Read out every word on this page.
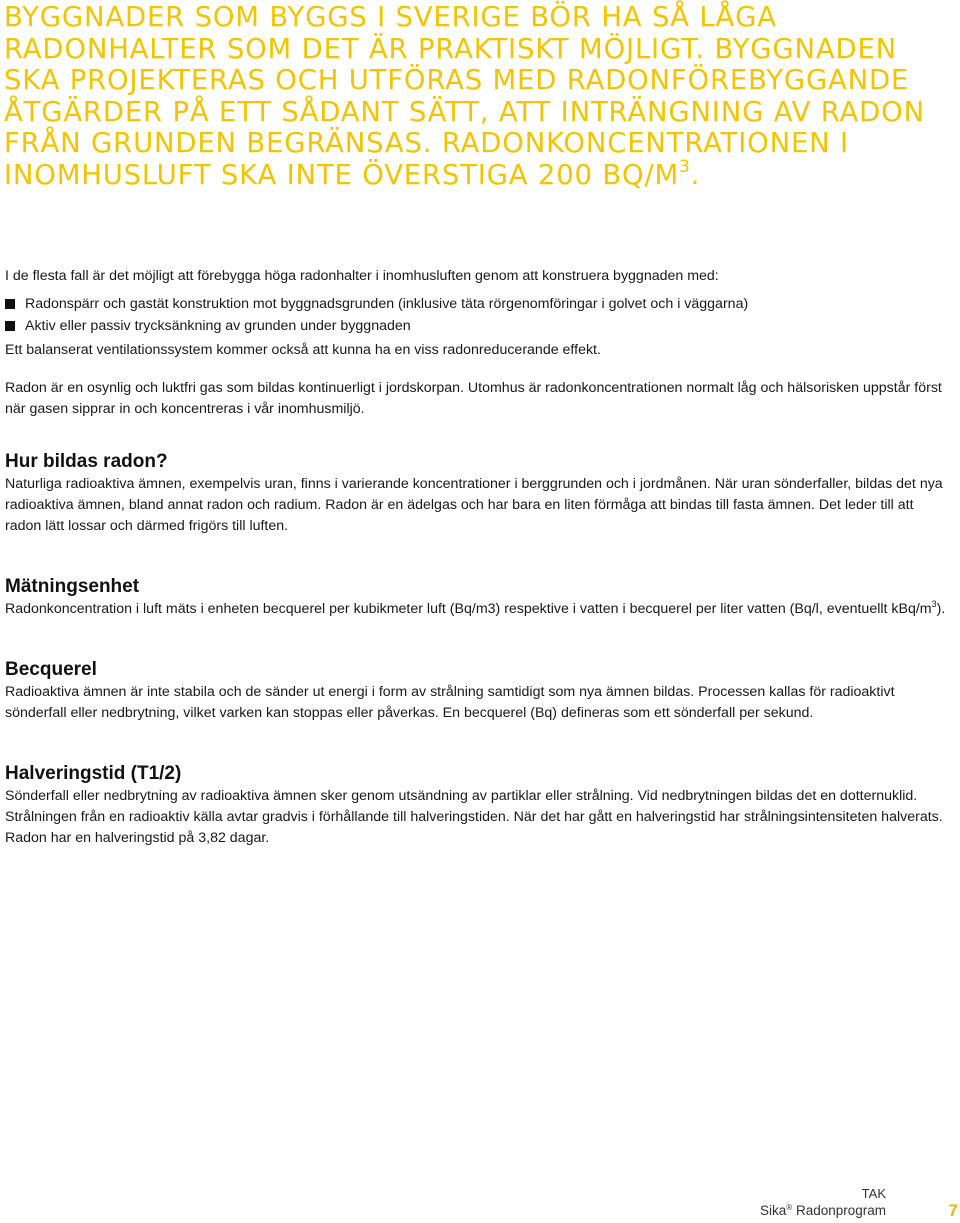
BYGGNADER SOM BYGGS I SVERIGE BÖR HA SÅ LÅGA RADONHALTER SOM DET ÄR PRAKTISKT MÖJLIGT. BYGGNADEN SKA PROJEKTERAS OCH UTFÖRAS MED RADONFÖREBYGGANDE ÅTGÄRDER PÅ ETT SÅDANT SÄTT, ATT INTRÄNGNING AV RADON FRÅN GRUNDEN BEGRÄNSAS. RADONKONCENTRATIONEN I INOMHUSLUFT SKA INTE ÖVERSTIGA 200 $BQ/M^3$.

I de flesta fall är det möjligt att förebygga höga radonhalter i inomhusluften genom att konstruera byggnaden med:

Radonspärr och gastät konstruktion mot byggnadsgrunden (inklusive täta rörgenomföringar i golvet och i väggarna)
Aktiv eller passiv trycksänkning av grunden under byggnaden

Ett balanserat ventilationssystem kommer också att kunna ha en viss radonreducerande effekt.

Radon är en osynlig och luktfri gas som bildas kontinuerligt i jordskorpan. Utomhus är radonkoncentrationen normalt låg och hälsorisken uppstår först när gasen sipprar in och koncentreras i vår inomhusmiljö.

Hur bildas radon?

Naturliga radioaktiva ämnen, exempelvis uran, finns i varierande koncentrationer i berggrunden och i jordmånen. När uran sönderfaller, bildas det nya radioaktiva ämnen, bland annat radon och radium. Radon är en ädelgas och har bara en liten förmåga att bindas till fasta ämnen. Det leder till att radon lätt lossar och därmed frigörs till luften.

Mätningsenhet

Radonkoncentration i luft mäts i enheten becquerel per kubikmeter luft (Bq/m3) respektive i vatten i becquerel per liter vatten (Bq/l, eventuellt kBq/$m^3$).

Becquerel

Radioaktiva ämnen är inte stabila och de sänder ut energi i form av strålning samtidigt som nya ämnen bildas. Processen kallas för radioaktivt sönderfall eller nedbrytning, vilket varken kan stoppas eller påverkas. En becquerel (Bq) defineras som ett sönderfall per sekund.

Halveringstid (T1/2)

Sönderfall eller nedbrytning av radioaktiva ämnen sker genom utsändning av partiklar eller strålning. Vid nedbrytningen bildas det en dotternuklid. Strålningen från en radioaktiv källa avtar gradvis i förhållande till halveringstiden. När det har gått en halveringstid har strålningsintensiteten halverats. Radon har en halveringstid på 3,82 dagar.

TAK
Sika® Radonprogram	7
